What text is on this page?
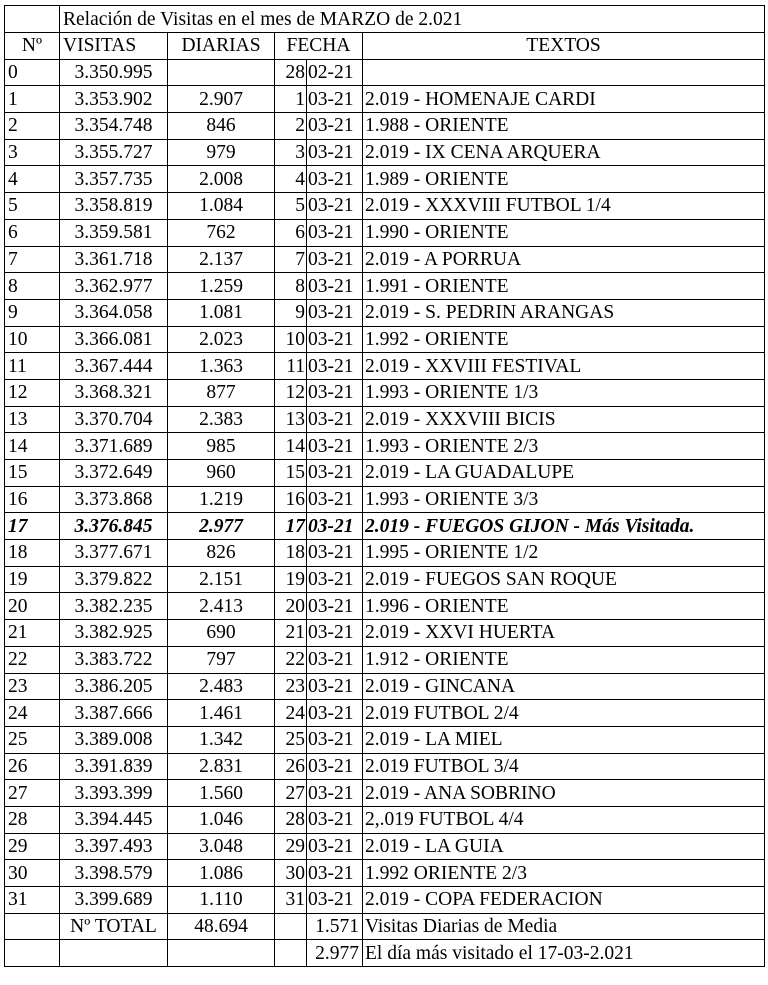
	Relación de Visitas en el mes de MARZO de 2.021				
Nº	VISITAS	DIARIAS	FECHA		TEXTOS
0	3.350.995		28	02-21	
1	3.353.902	2.907	1	03-21	2.019 - HOMENAJE CARDI
2	3.354.748	846	2	03-21	1.988 - ORIENTE
3	3.355.727	979	3	03-21	2.019 - IX CENA ARQUERA
4	3.357.735	2.008	4	03-21	1.989 - ORIENTE
5	3.358.819	1.084	5	03-21	2.019 - XXXVIII FUTBOL 1/4
6	3.359.581	762	6	03-21	1.990 - ORIENTE
7	3.361.718	2.137	7	03-21	2.019 - A PORRUA
8	3.362.977	1.259	8	03-21	1.991 - ORIENTE
9	3.364.058	1.081	9	03-21	2.019 - S. PEDRIN ARANGAS
10	3.366.081	2.023	10	03-21	1.992 - ORIENTE
11	3.367.444	1.363	11	03-21	2.019 - XXVIII FESTIVAL
12	3.368.321	877	12	03-21	1.993 - ORIENTE 1/3
13	3.370.704	2.383	13	03-21	2.019 - XXXVIII BICIS
14	3.371.689	985	14	03-21	1.993 - ORIENTE 2/3
15	3.372.649	960	15	03-21	2.019 - LA GUADALUPE
16	3.373.868	1.219	16	03-21	1.993 - ORIENTE 3/3
17	3.376.845	2.977	17	03-21	2.019 - FUEGOS GIJON - Más Visitada.
18	3.377.671	826	18	03-21	1.995 - ORIENTE 1/2
19	3.379.822	2.151	19	03-21	2.019 - FUEGOS SAN ROQUE
20	3.382.235	2.413	20	03-21	1.996 - ORIENTE
21	3.382.925	690	21	03-21	2.019 - XXVI HUERTA
22	3.383.722	797	22	03-21	1.912 - ORIENTE
23	3.386.205	2.483	23	03-21	2.019 - GINCANA
24	3.387.666	1.461	24	03-21	2.019 FUTBOL 2/4
25	3.389.008	1.342	25	03-21	2.019 - LA MIEL
26	3.391.839	2.831	26	03-21	2.019 FUTBOL 3/4
27	3.393.399	1.560	27	03-21	2.019 - ANA SOBRINO
28	3.394.445	1.046	28	03-21	2,.019 FUTBOL 4/4
29	3.397.493	3.048	29	03-21	2.019 - LA GUIA
30	3.398.579	1.086	30	03-21	1.992 ORIENTE 2/3
31	3.399.689	1.110	31	03-21	2.019 - COPA FEDERACION
	Nº TOTAL	48.694		1.571	Visitas Diarias de Media
				2.977	El día más visitado el 17-03-2.021
